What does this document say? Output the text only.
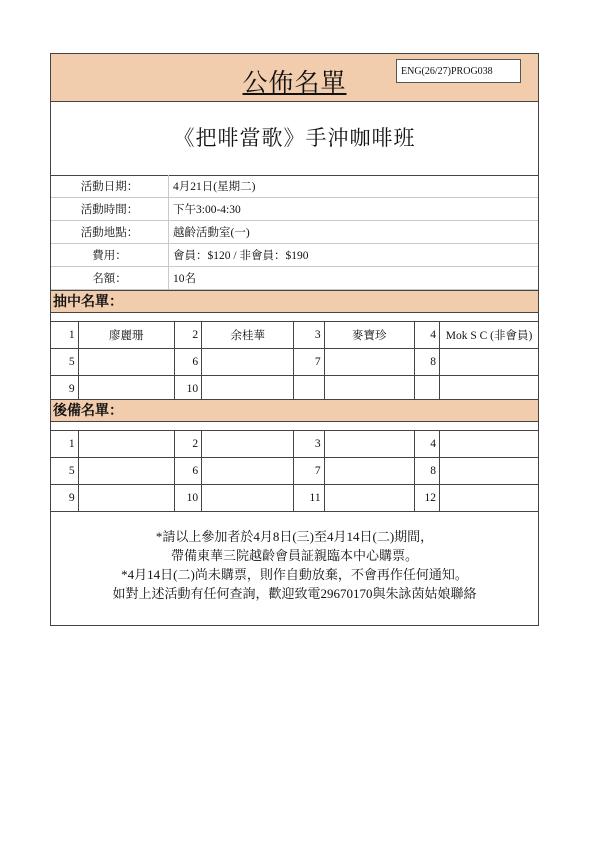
公佈名單	ENG(26/27)PROG038
《把啡當歌》手沖咖啡班
活動日期：	4月21日(星期二)
活動時間：	下午3:00-4:30
活動地點：	越齡活動室(一)
費用：	會員：$120 / 非會員：$190
名額：	10名
抽中名單：
1	廖麗珊	2	余桂華	3	麥寶珍	4	Mok S C (非會員)
5		6		7		8	
9		10					
後備名單：
1		2		3		4	
5		6		7		8	
9		10		11		12	
*請以上參加者於4月8日(三)至4月14日(二)期間，
帶備東華三院越齡會員証親臨本中心購票。
*4月14日(二)尚未購票，則作自動放棄，不會再作任何通知。
如對上述活動有任何查詢，歡迎致電29670170與朱詠茵姑娘聯絡
